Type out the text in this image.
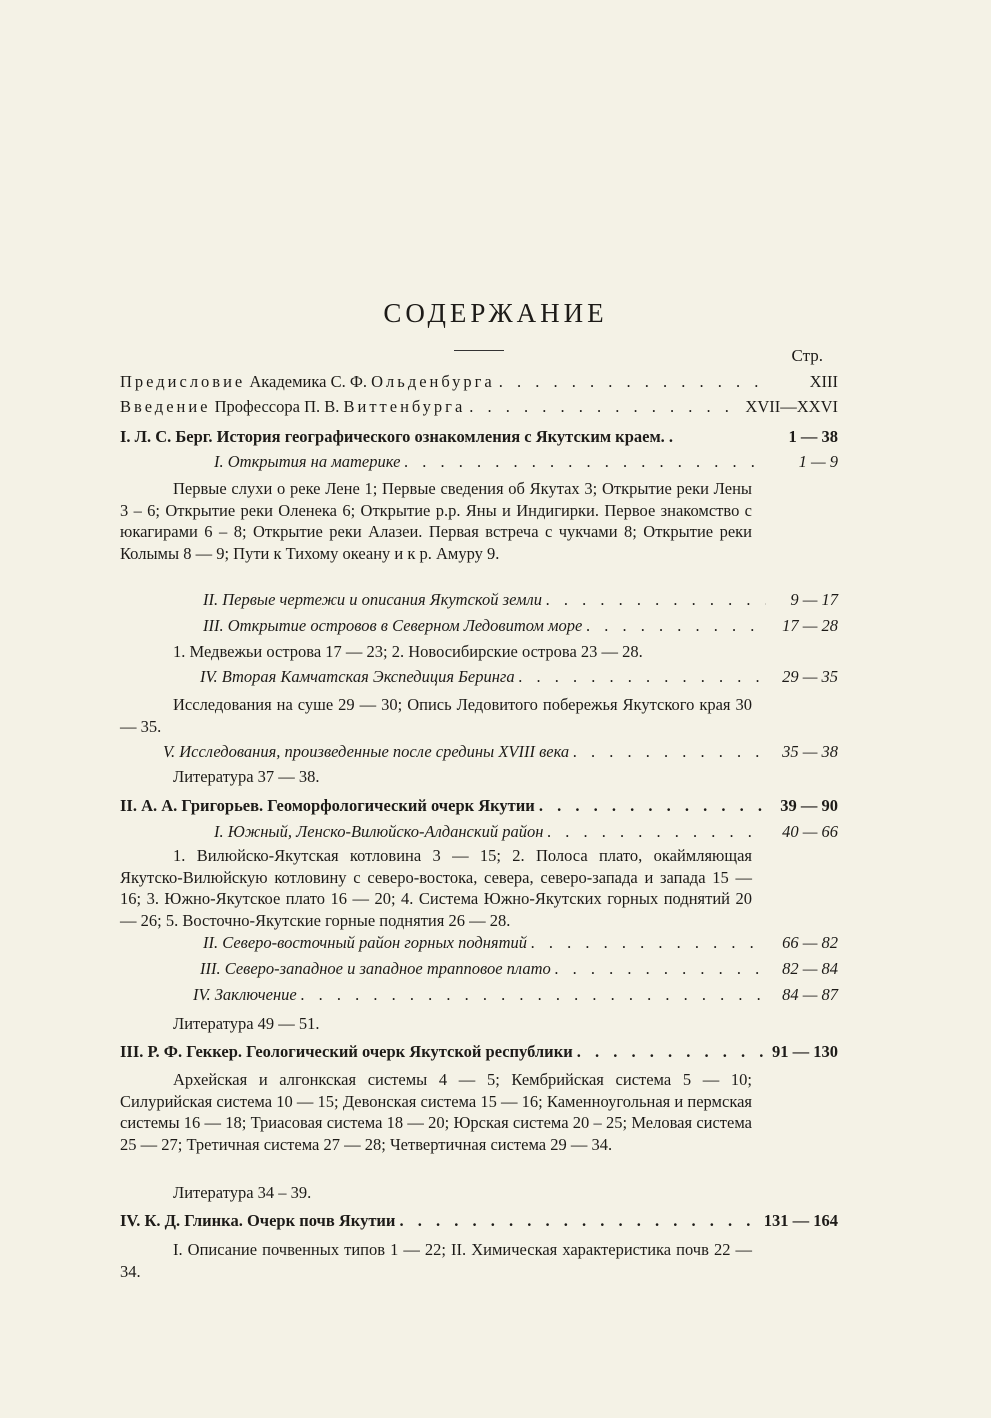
СОДЕРЖАНИЕ
Стр.
Предисловие Академика С. Ф. Ольденбурга . . .	XIII
Введение Профессора П. В. Виттенбурга . . .	XVII—XXVI
I. Л. С. Берг. История географического ознакомления с Якутским краем. .	1 — 38
I. Открытия на материке . . .	1 — 9
Первые слухи о реке Лене 1; Первые сведения об Якутах 3; Открытие реки Лены 3 – 6; Открытие реки Оленека 6; Открытие р.р. Яны и Индигирки. Первое знакомство с юкагирами 6 – 8; Открытие реки Алазеи. Первая встреча с чукчами 8; Открытие реки Колымы 8 — 9; Пути к Тихому океану и к р. Амуру 9.
II. Первые чертежи и описания Якутской земли . . .	9 — 17
III. Открытие островов в Северном Ледовитом море . . .	17 — 28
1. Медвежьи острова 17 — 23; 2. Новосибирские острова 23 — 28.
IV. Вторая Камчатская Экспедиция Беринга . . .	29 — 35
Исследования на суше 29 — 30; Опись Ледовитого побережья Якутского края 30 — 35.
V. Исследования, произведенные после средины XVIII века . . .	35 — 38
Литература 37 — 38.
II. А. А. Григорьев. Геоморфологический очерк Якутии . . .	39 — 90
I. Южный, Ленско-Вилюйско-Алданский район . . .	40 — 66
1. Вилюйско-Якутская котловина 3 — 15; 2. Полоса плато, окаймляющая Якутско-Вилюйскую котловину с северо-востока, севера, северо-запада и запада 15 — 16; 3. Южно-Якутское плато 16 — 20; 4. Система Южно-Якутских горных поднятий 20 — 26; 5. Восточно-Якутские горные поднятия 26 — 28.
II. Северо-восточный район горных поднятий . . .	66 — 82
III. Северо-западное и западное трапповое плато . . .	82 — 84
IV. Заключение . . .	84 — 87
Литература 49 — 51.
III. Р. Ф. Геккер. Геологический очерк Якутской республики . . .	91 — 130
Архейская и алгонкская системы 4 — 5; Кембрийская система 5 — 10; Силурийская система 10 — 15; Девонская система 15 — 16; Каменноугольная и пермская системы 16 — 18; Триасовая система 18 — 20; Юрская система 20 – 25; Меловая система 25 — 27; Третичная система 27 — 28; Четвертичная система 29 — 34.
Литература 34 – 39.
IV. К. Д. Глинка. Очерк почв Якутии . . .	131 — 164
I. Описание почвенных типов 1 — 22; II. Химическая характеристика почв 22 — 34.
